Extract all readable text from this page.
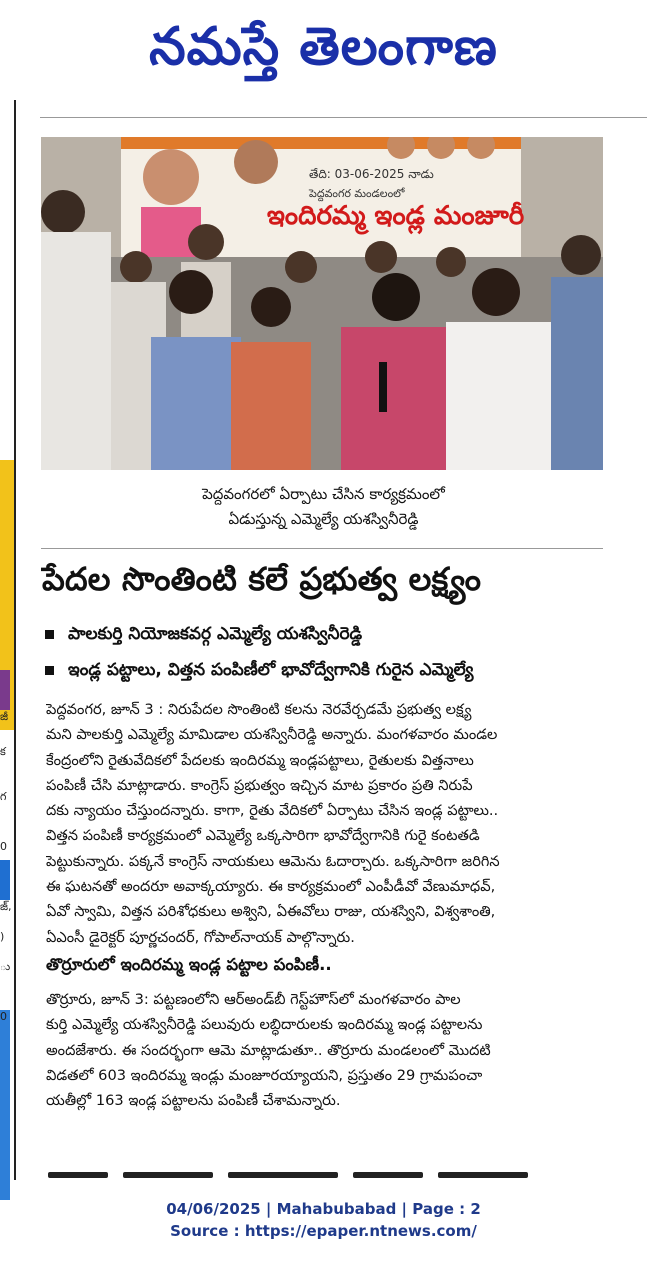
నమస్తే తెలంగాణ
జీ
క
గ
0
జ్,
)
ు
0
తేది: 03-06-2025 నాడు
పెద్దవంగర మండలంలో
ఇందిరమ్మ ఇండ్ల మంజూరీ
పెద్దవంగరలో ఏర్పాటు చేసిన కార్యక్రమంలో
ఏడుస్తున్న ఎమ్మెల్యే యశస్వినీరెడ్డి
పేదల సొంతింటి కలే ప్రభుత్వ లక్ష్యం
పాలకుర్తి నియోజకవర్గ ఎమ్మెల్యే యశస్వినీరెడ్డి
ఇండ్ల పట్టాలు, విత్తన పంపిణీలో భావోద్వేగానికి గురైన ఎమ్మెల్యే
పెద్దవంగర, జూన్ 3 : నిరుపేదల సొంతింటి కలను నెరవేర్చడమే ప్రభుత్వ లక్ష్య
మని పాలకుర్తి ఎమ్మెల్యే మామిడాల యశస్వినీరెడ్డి అన్నారు. మంగళవారం మండల
కేంద్రంలోని రైతువేదికలో పేదలకు ఇందిరమ్మ ఇండ్లపట్టాలు, రైతులకు విత్తనాలు
పంపిణీ చేసి మాట్లాడారు. కాంగ్రెస్ ప్రభుత్వం ఇచ్చిన మాట ప్రకారం ప్రతి నిరుపే
దకు న్యాయం చేస్తుందన్నారు. కాగా, రైతు వేదికలో ఏర్పాటు చేసిన ఇండ్ల పట్టాలు..
విత్తన పంపిణీ కార్యక్రమంలో ఎమ్మెల్యే ఒక్కసారిగా భావోద్వేగానికి గురై కంటతడి
పెట్టుకున్నారు. పక్కనే కాంగ్రెస్ నాయకులు ఆమెను ఓదార్చారు. ఒక్కసారిగా జరిగిన
ఈ ఘటనతో అందరూ అవాక్కయ్యారు. ఈ కార్యక్రమంలో ఎంపీడీవో వేణుమాధవ్,
ఏవో స్వామి, విత్తన పరిశోధకులు అశ్విని, ఏఈవోలు రాజు, యశస్విని, విశ్వశాంతి,
ఏఎంసీ డైరెక్టర్ పూర్ణచందర్, గోపాల్‌నాయక్ పాల్గొన్నారు.
తొర్రూరులో ఇందిరమ్మ ఇండ్ల పట్టాల పంపిణీ..
తొర్రూరు, జూన్ 3: పట్టణంలోని ఆర్‌అండ్‌బీ గెస్ట్‌హౌస్‌లో మంగళవారం పాల
కుర్తి ఎమ్మెల్యే యశస్వినీరెడ్డి పలువురు లబ్ధిదారులకు ఇందిరమ్మ ఇండ్ల పట్టాలను
అందజేశారు. ఈ సందర్భంగా ఆమె మాట్లాడుతూ.. తొర్రూరు మండలంలో మొదటి
విడతలో 603 ఇందిరమ్మ ఇండ్లు మంజూరయ్యాయని, ప్రస్తుతం 29 గ్రామపంచా
యతీల్లో 163 ఇండ్ల పట్టాలను పంపిణీ చేశామన్నారు.
04/06/2025 | Mahabubabad | Page : 2
Source : https://epaper.ntnews.com/
